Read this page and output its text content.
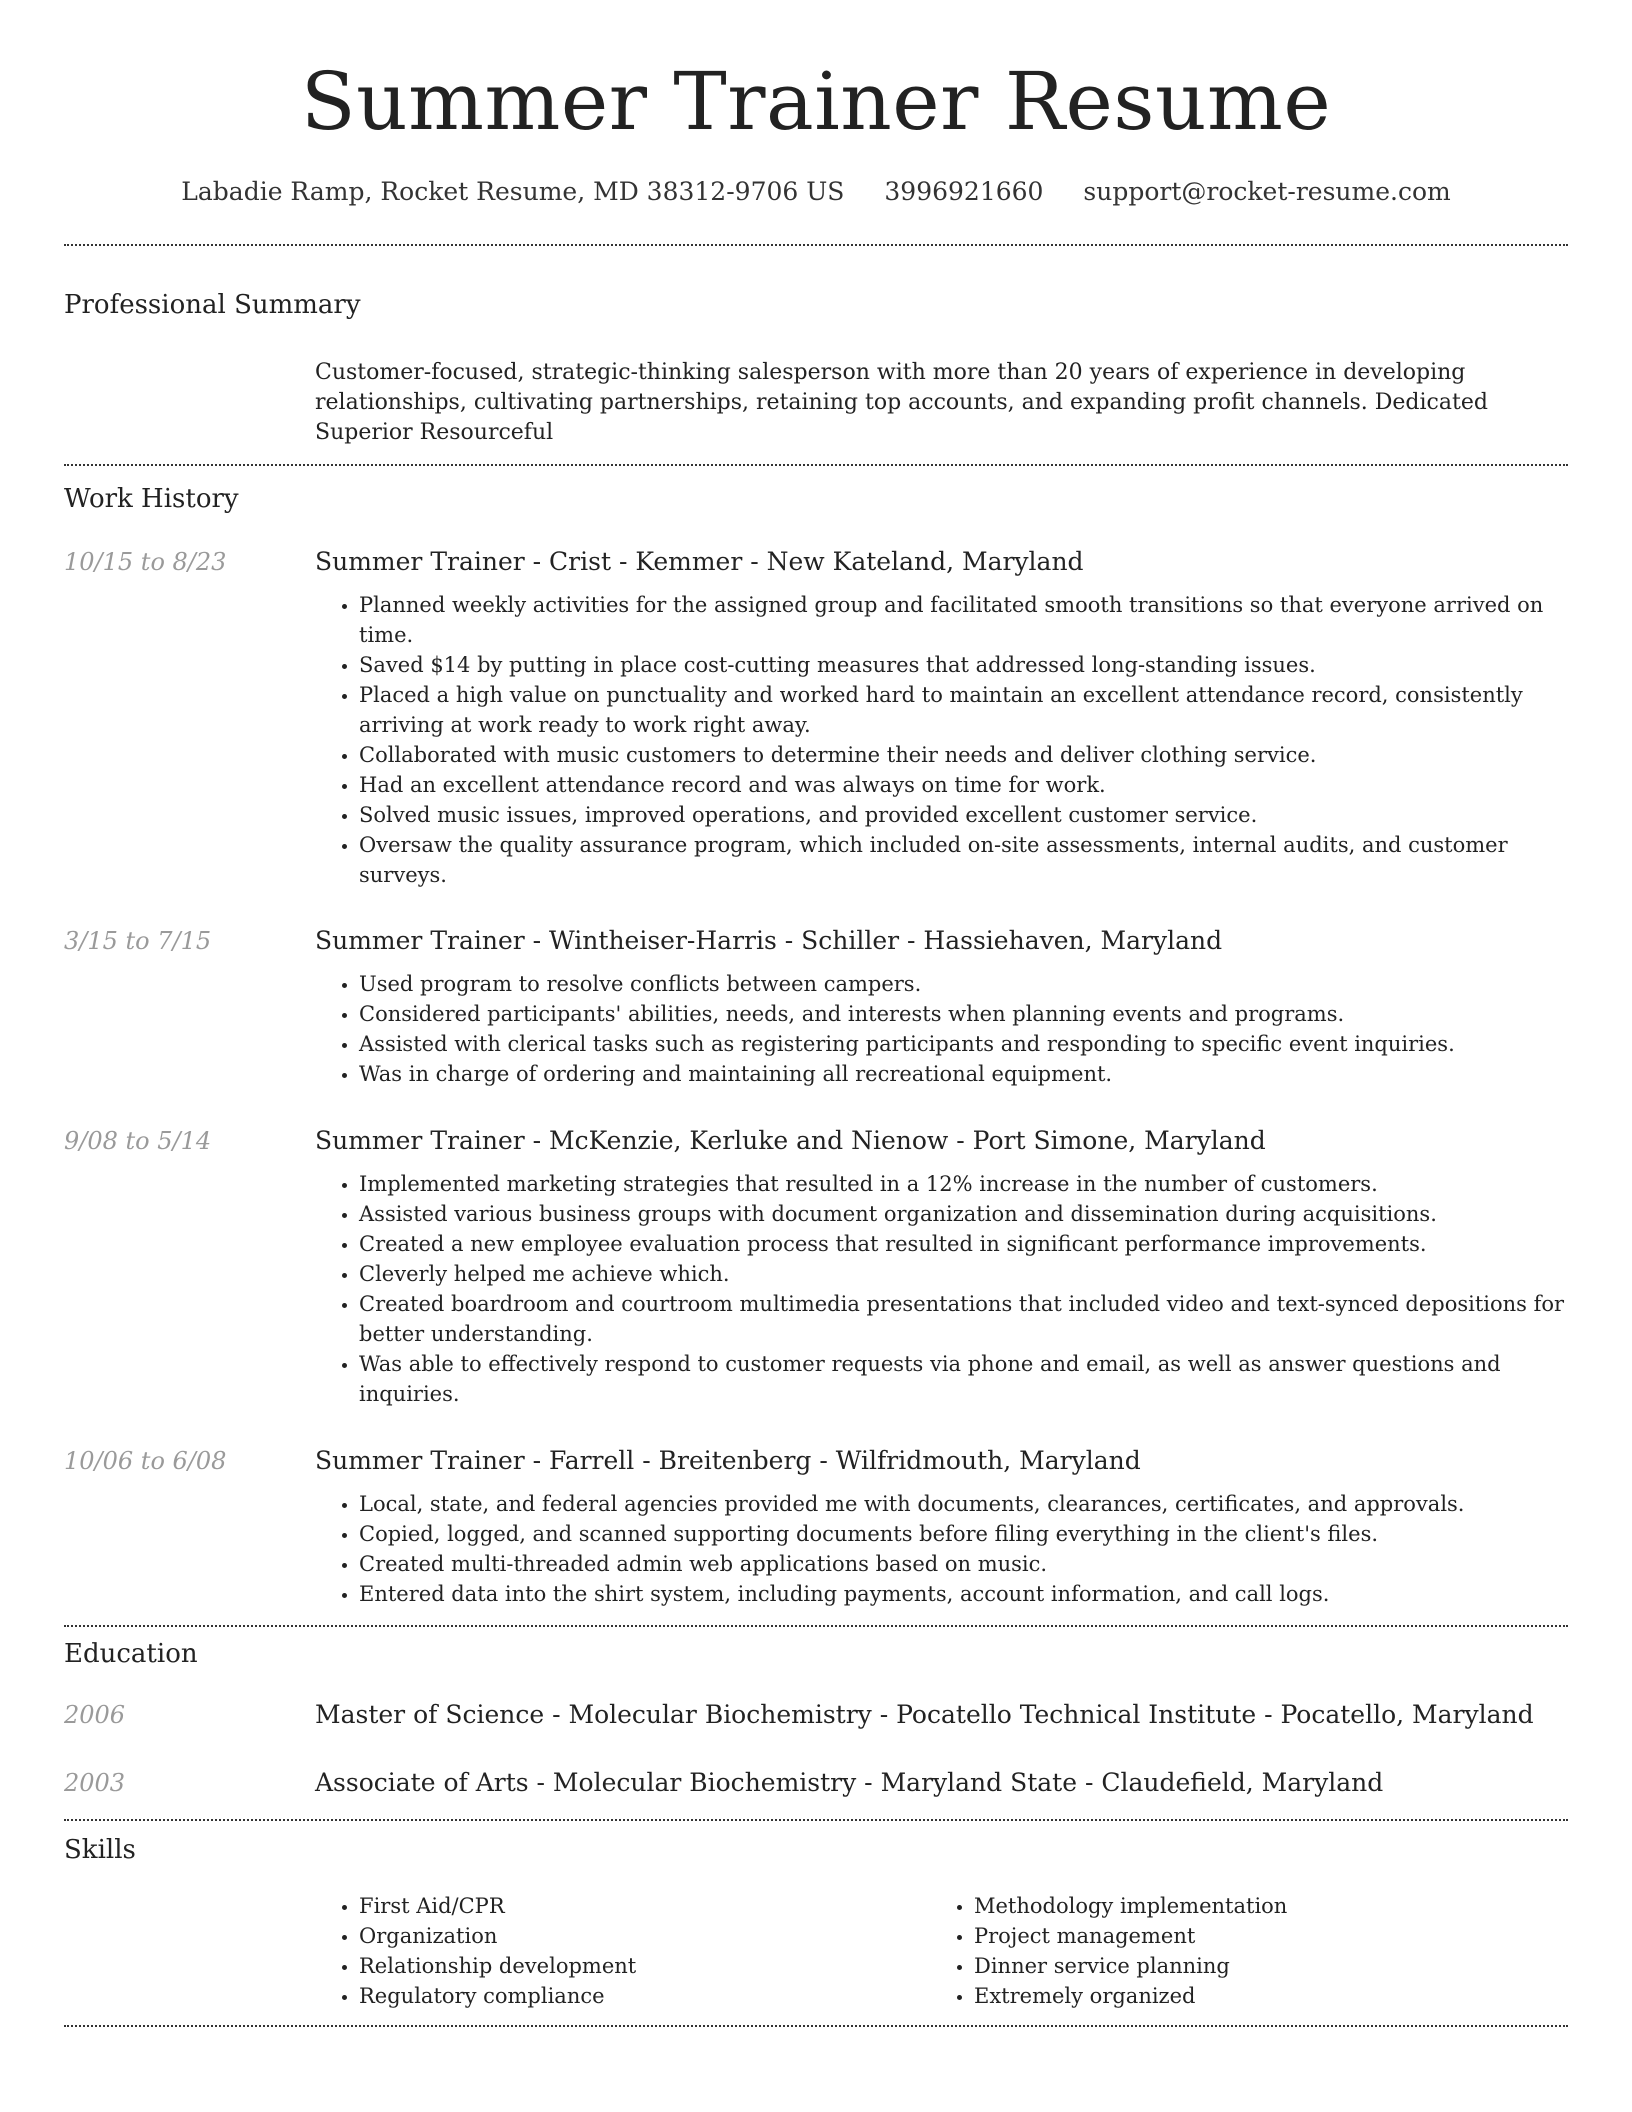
Summer Trainer Resume
Labadie Ramp, Rocket Resume, MD 38312-9706 US 3996921660 support@rocket-resume.com
Professional Summary
Customer-focused, strategic-thinking salesperson with more than 20 years of experience in developing relationships, cultivating partnerships, retaining top accounts, and expanding profit channels. Dedicated Superior Resourceful
Work History
10/15 to 8/23	Summer Trainer - Crist - Kemmer - New Kateland, Maryland
• Planned weekly activities for the assigned group and facilitated smooth transitions so that everyone arrived on time.
• Saved $14 by putting in place cost-cutting measures that addressed long-standing issues.
• Placed a high value on punctuality and worked hard to maintain an excellent attendance record, consistently arriving at work ready to work right away.
• Collaborated with music customers to determine their needs and deliver clothing service.
• Had an excellent attendance record and was always on time for work.
• Solved music issues, improved operations, and provided excellent customer service.
• Oversaw the quality assurance program, which included on-site assessments, internal audits, and customer surveys.
3/15 to 7/15	Summer Trainer - Wintheiser-Harris - Schiller - Hassiehaven, Maryland
• Used program to resolve conflicts between campers.
• Considered participants' abilities, needs, and interests when planning events and programs.
• Assisted with clerical tasks such as registering participants and responding to specific event inquiries.
• Was in charge of ordering and maintaining all recreational equipment.
9/08 to 5/14	Summer Trainer - McKenzie, Kerluke and Nienow - Port Simone, Maryland
• Implemented marketing strategies that resulted in a 12% increase in the number of customers.
• Assisted various business groups with document organization and dissemination during acquisitions.
• Created a new employee evaluation process that resulted in significant performance improvements.
• Cleverly helped me achieve which.
• Created boardroom and courtroom multimedia presentations that included video and text-synced depositions for better understanding.
• Was able to effectively respond to customer requests via phone and email, as well as answer questions and inquiries.
10/06 to 6/08	Summer Trainer - Farrell - Breitenberg - Wilfridmouth, Maryland
• Local, state, and federal agencies provided me with documents, clearances, certificates, and approvals.
• Copied, logged, and scanned supporting documents before filing everything in the client's files.
• Created multi-threaded admin web applications based on music.
• Entered data into the shirt system, including payments, account information, and call logs.
Education
2006	Master of Science - Molecular Biochemistry - Pocatello Technical Institute - Pocatello, Maryland
2003	Associate of Arts - Molecular Biochemistry - Maryland State - Claudefield, Maryland
Skills
• First Aid/CPR
• Organization
• Relationship development
• Regulatory compliance
• Methodology implementation
• Project management
• Dinner service planning
• Extremely organized
